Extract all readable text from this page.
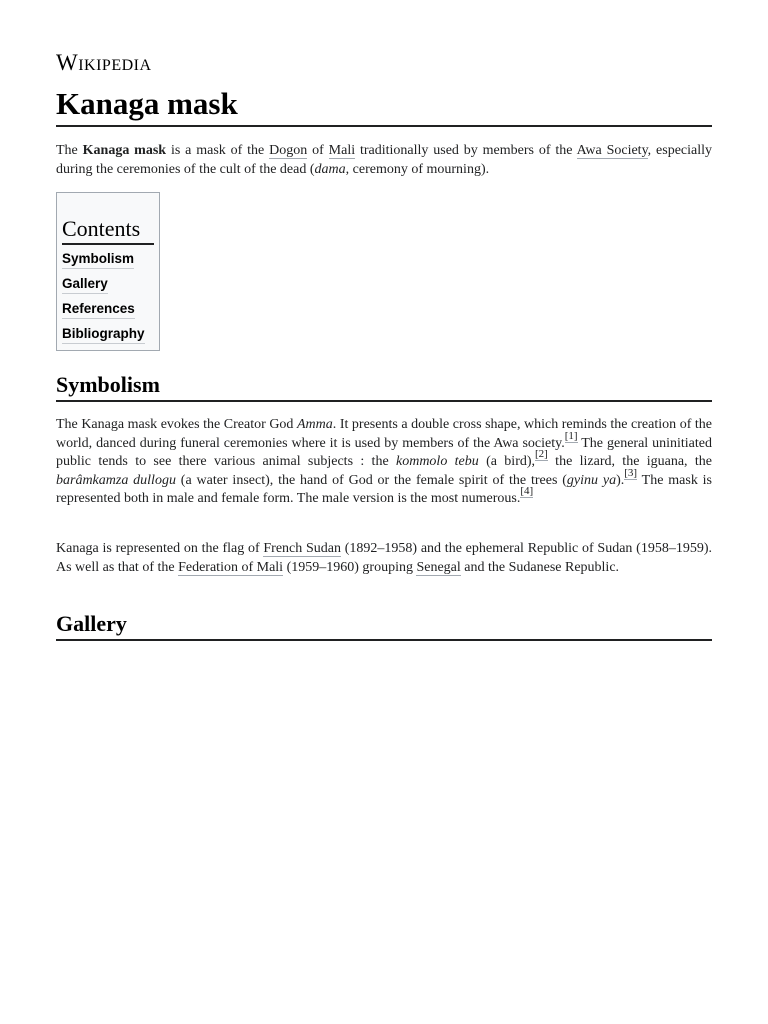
Wikipedia
Kanaga mask

The Kanaga mask is a mask of the Dogon of Mali traditionally used by members of the Awa Society, especially during the ceremonies of the cult of the dead (dama, ceremony of mourning).

Contents
Symbolism
Gallery
References
Bibliography
Symbolism

The Kanaga mask evokes the Creator God Amma. It presents a double cross shape, which reminds the creation of the world, danced during funeral ceremonies where it is used by members of the Awa society.[1] The general uninitiated public tends to see there various animal subjects : the kommolo tebu (a bird),[2] the lizard, the iguana, the barâmkamza dullogu (a water insect), the hand of God or the female spirit of the trees (gyinu ya).[3] The mask is represented both in male and female form. The male version is the most numerous.[4]

Kanaga is represented on the flag of French Sudan (1892–1958) and the ephemeral Republic of Sudan (1958–1959). As well as that of the Federation of Mali (1959–1960) grouping Senegal and the Sudanese Republic.

Gallery
